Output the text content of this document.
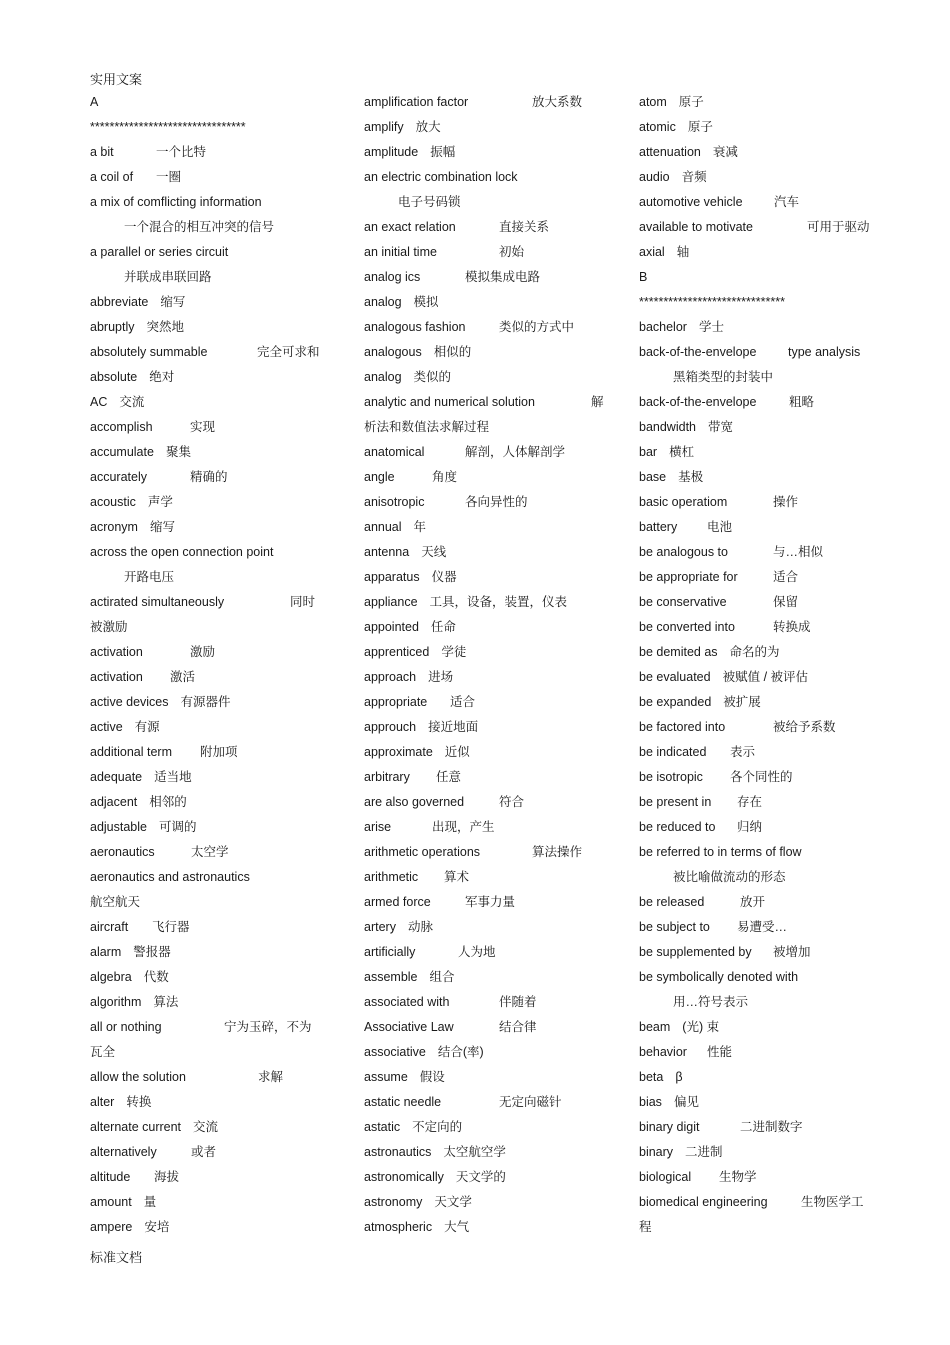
实用文案
A
********************************
a bit	一个比特
a coil of 一圈
a mix of comflicting information
一个混合的相互冲突的信号
a parallel or series circuit
并联成串联回路
abbreviate 缩写
abruptly 突然地
absolutely summable	完全可求和
absolute 绝对
AC 交流
accomplish	实现
accumulate 聚集
accurately	精确的
acoustic 声学
acronym 缩写
across the open connection point
开路电压
actirated simultaneously	同时
被激励
activation	激励
activation 激活
active devices 有源器件
active 有源
additional term 附加项
adequate 适当地
adjacent 相邻的
adjustable 可调的
aeronautics	太空学
aeronautics and astronautics
航空航天
aircraft 飞行器
alarm 警报器
algebra 代数
algorithm 算法
all or nothing	宁为玉碎，不为
瓦全
allow the solution	求解
alter 转换
alternate current 交流
alternatively	或者
altitude 海拔
amount 量
ampere 安培
amplification factor	放大系数
amplify 放大
amplitude 振幅
an electric combination lock
电子号码锁
an exact relation	直接关系
an initial time	初始
analog ics	模拟集成电路
analog 模拟
analogous fashion	类似的方式中
analogous 相似的
analog 类似的
analytic and numerical solution	解
析法和数值法求解过程
anatomical	解剖，人体解剖学
angle	角度
anisotropic	各向异性的
annual 年
antenna 天线
apparatus 仪器
appliance 工具，设备，装置，仪表
appointed 任命
apprenticed 学徒
approach 进场
appropriate 适合
approuch 接近地面
approximate 近似
arbitrary 任意
are also governed	符合
arise	出现，产生
arithmetic operations	算法操作
arithmetic 算术
armed force	军事力量
artery 动脉
artificially	人为地
assemble 组合
associated with	伴随着
Associative Law	结合律
associative 结合(率)
assume 假设
astatic needle	无定向磁针
astatic 不定向的
astronautics 太空航空学
astronomically 天文学的
astronomy 天文学
atmospheric 大气
atom 原子
atomic 原子
attenuation 衰减
audio 音频
automotive vehicle	汽车
available to motivate	可用于驱动
axial 轴
B
******************************
bachelor 学士
back-of-the-envelope	type analysis
黑箱类型的封装中
back-of-the-envelope	粗略
bandwidth 带宽
bar 横杠
base 基极
basic operatiom	操作
battery 电池
be analogous to	与…相似
be appropriate for	适合
be conservative	保留
be converted into	转换成
be demited as 命名的为
be evaluated 被赋值 / 被评估
be expanded 被扩展
be factored into	被给予系数
be indicated 表示
be isotropic 各个同性的
be present in 存在
be reduced to 归纳
be referred to in terms of flow
被比喻做流动的形态
be released	放开
be subject to 易遭受…
be supplemented by 被增加
be symbolically denoted with
用…符号表示
beam (光) 束
behavior 性能
beta β
bias 偏见
binary digit	二进制数字
binary 二进制
biological 生物学
biomedical engineering	生物医学工
程
标准文档
